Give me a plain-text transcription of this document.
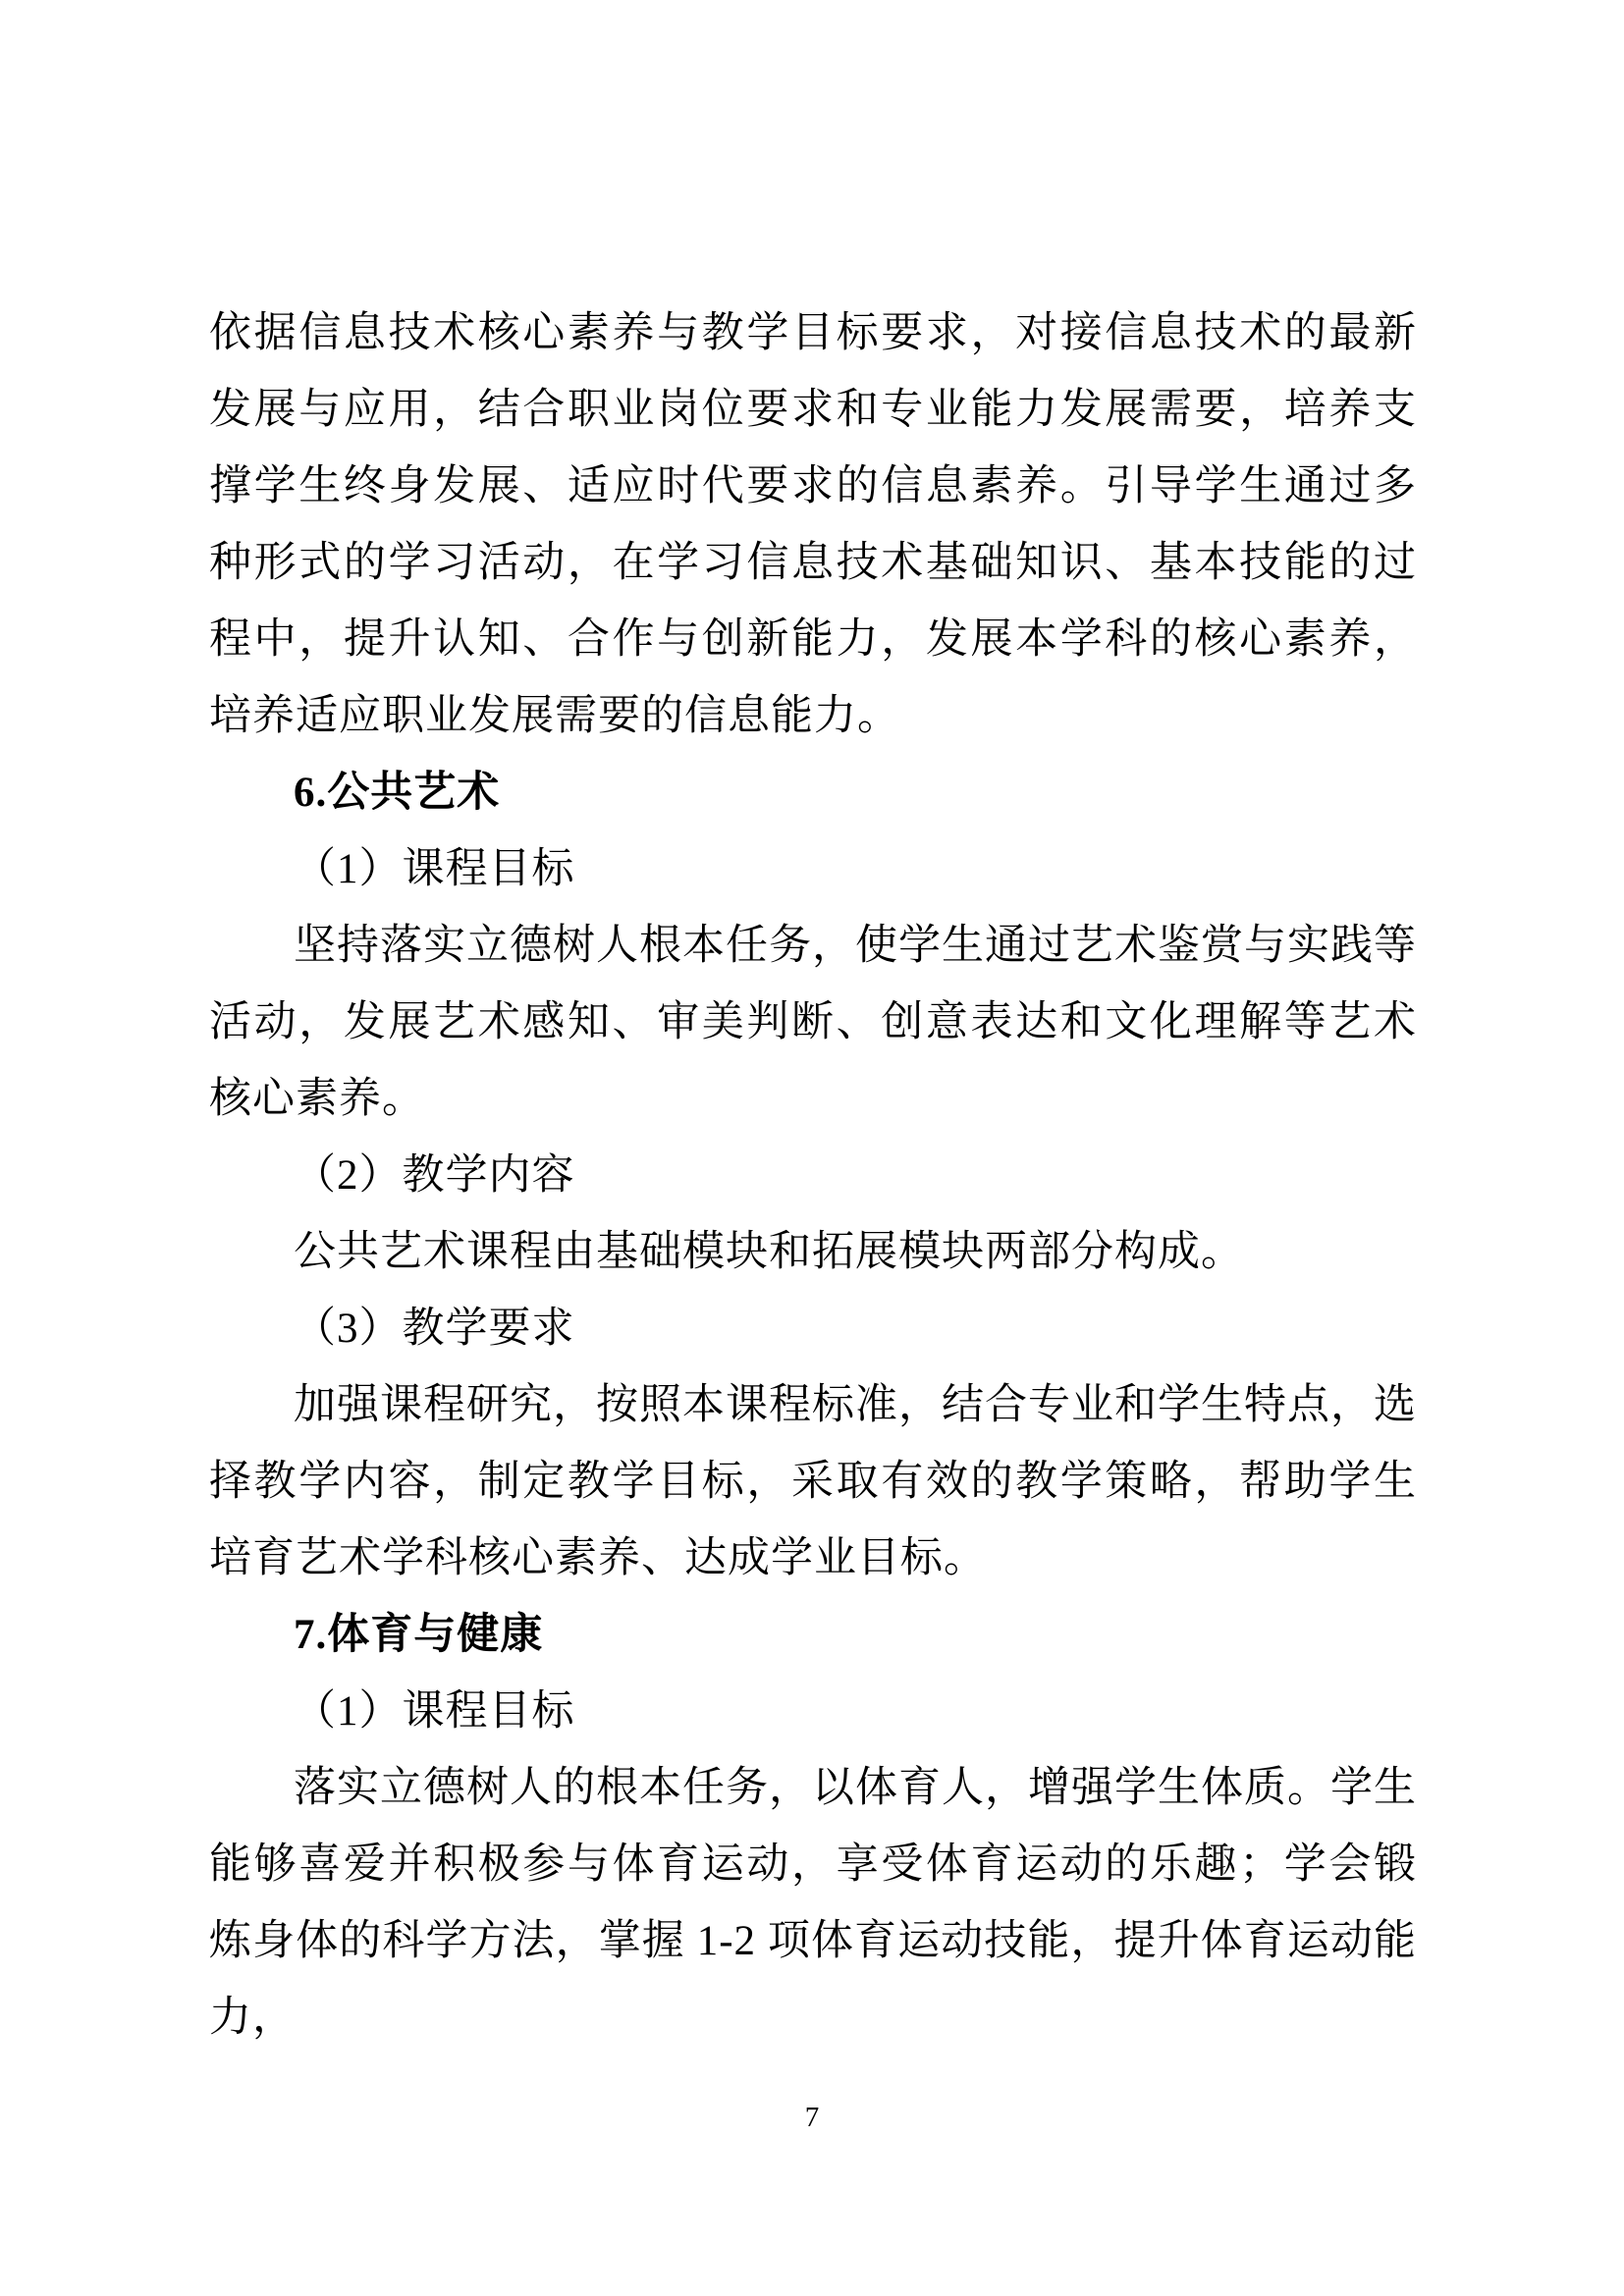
依据信息技术核心素养与教学目标要求，对接信息技术的最新发展与应用，结合职业岗位要求和专业能力发展需要，培养支撑学生终身发展、适应时代要求的信息素养。引导学生通过多种形式的学习活动，在学习信息技术基础知识、基本技能的过程中，提升认知、合作与创新能力，发展本学科的核心素养，培养适应职业发展需要的信息能力。

6.公共艺术

（1）课程目标

坚持落实立德树人根本任务，使学生通过艺术鉴赏与实践等活动，发展艺术感知、审美判断、创意表达和文化理解等艺术核心素养。

（2）教学内容

公共艺术课程由基础模块和拓展模块两部分构成。

（3）教学要求

加强课程研究，按照本课程标准，结合专业和学生特点，选择教学内容，制定教学目标，采取有效的教学策略，帮助学生培育艺术学科核心素养、达成学业目标。

7.体育与健康

（1）课程目标

落实立德树人的根本任务，以体育人，增强学生体质。学生能够喜爱并积极参与体育运动，享受体育运动的乐趣；学会锻炼身体的科学方法，掌握 1-2 项体育运动技能，提升体育运动能力，

7
